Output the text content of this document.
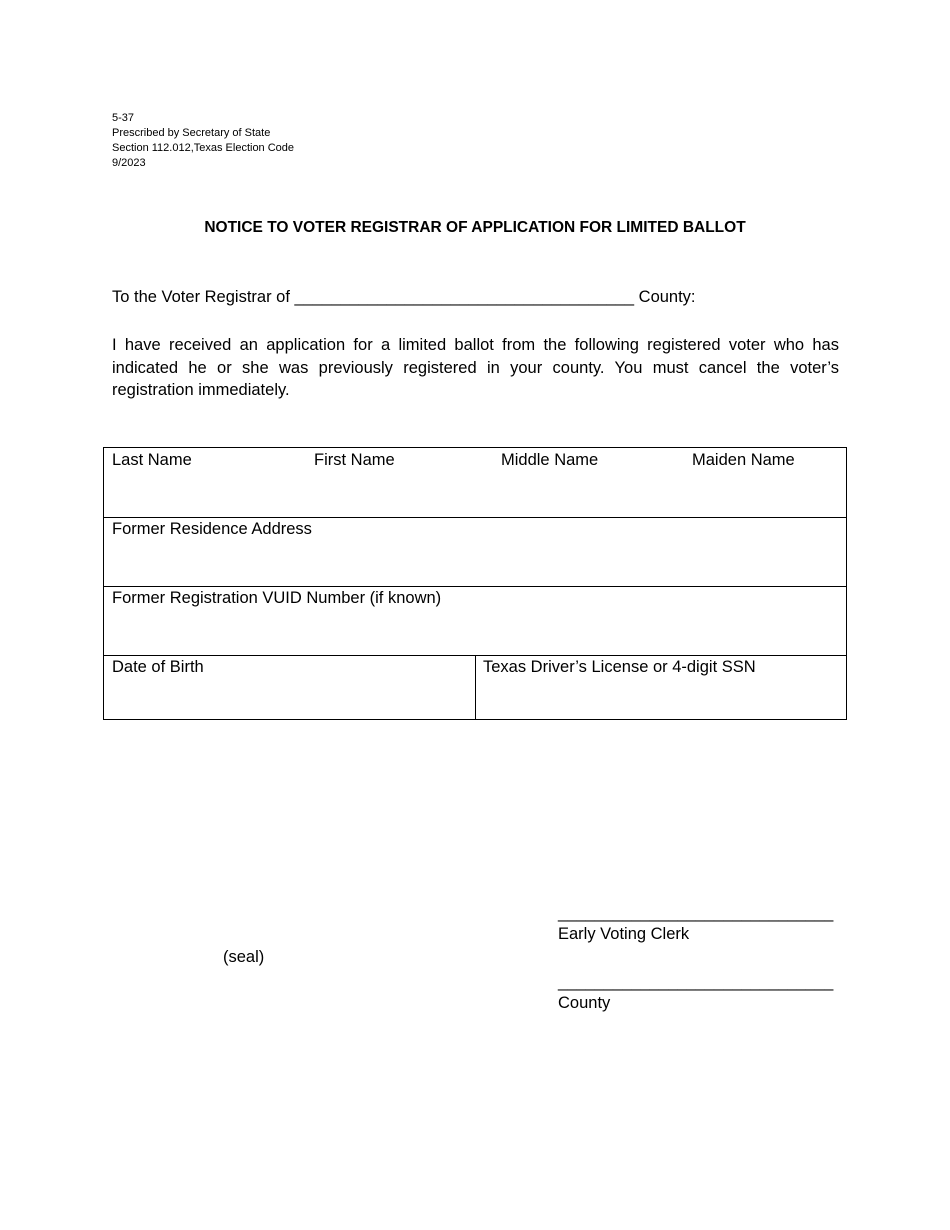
5-37
Prescribed by Secretary of State
Section 112.012,Texas Election Code
9/2023
NOTICE TO VOTER REGISTRAR OF APPLICATION FOR LIMITED BALLOT
To the Voter Registrar of _____________________________________ County:
I have received an application for a limited ballot from the following registered voter who has indicated he or she was previously registered in your county. You must cancel the voter’s registration immediately.
Last Name	First Name	Middle Name	Maiden Name
Former Residence Address
Former Registration VUID Number (if known)
Date of Birth	Texas Driver’s License or 4-digit SSN
(seal)
______________________________
Early Voting Clerk
______________________________
County
